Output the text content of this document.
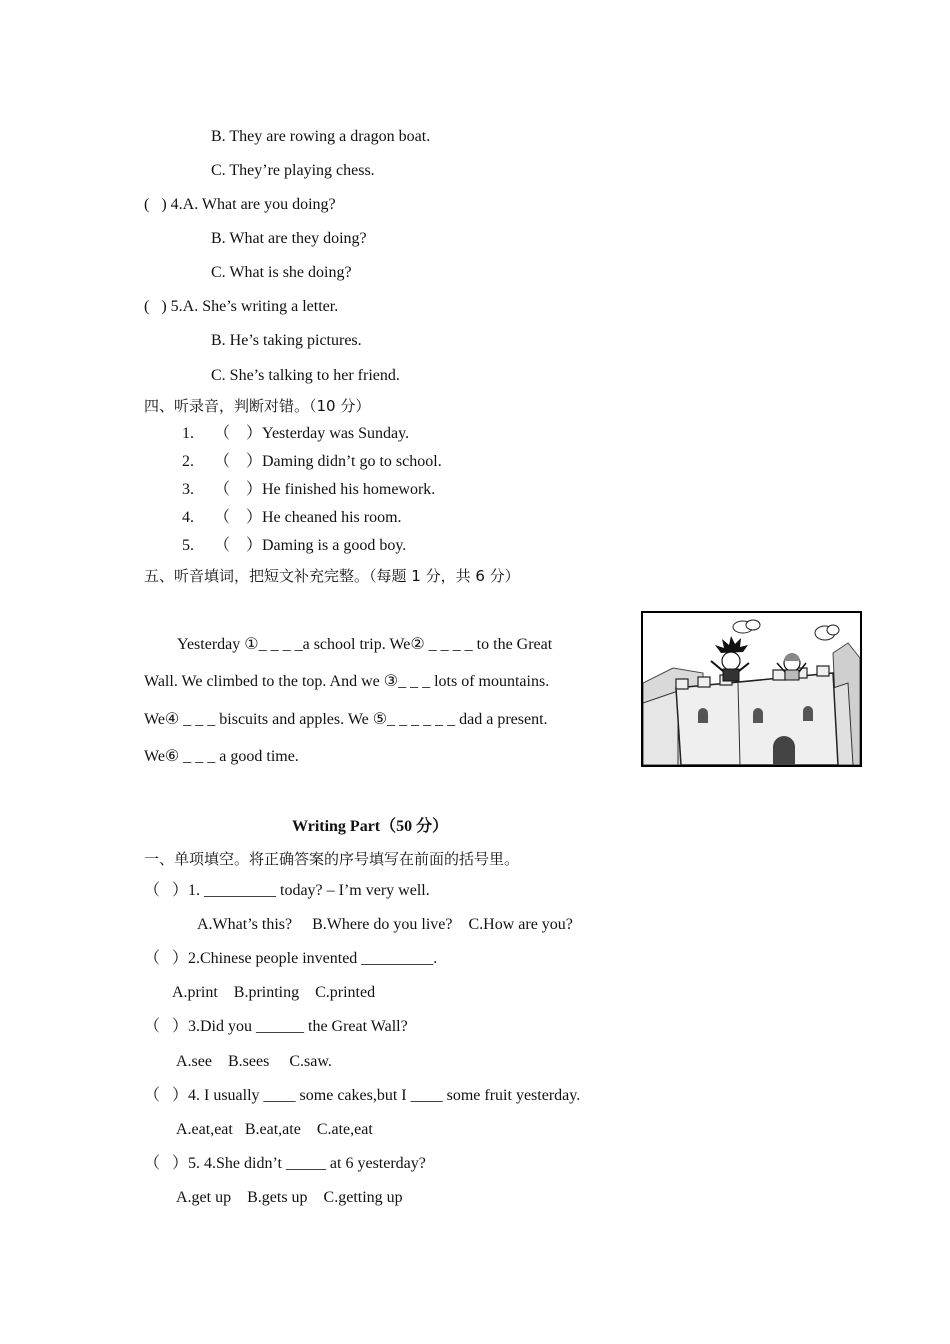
B. They are rowing a dragon boat.
C. They’re playing chess.
(   ) 4.A. What are you doing?
B. What are they doing?
C. What is she doing?
(   ) 5.A. She’s writing a letter.
B. He’s taking pictures.
C. She’s talking to her friend.
四、听录音，判断对错。（10 分）
1. （    ）Yesterday was Sunday.
2. （    ）Daming didn’t go to school.
3. （    ）He finished his homework.
4. （    ）He cheaned his room.
5. （    ）Daming is a good boy.
五、听音填词，把短文补充完整。（每题 1 分，共 6 分）
Yesterday ①_ _ _ _a school trip. We② _ _ _ _ to the Great
Wall. We climbed to the top. And we ③_ _ _ lots of mountains.
We④ _ _ _ biscuits and apples. We ⑤_ _ _ _ _ _ dad a present.
We⑥ _ _ _ a good time.
Writing Part（50 分）
一、单项填空。将正确答案的序号填写在前面的括号里。
（   ）1. _________ today? – I’m very well.
A.What’s this?     B.Where do you live?    C.How are you?
（   ）2.Chinese people invented _________.
A.print    B.printing    C.printed
（   ）3.Did you ______ the Great Wall?
A.see    B.sees     C.saw.
（   ）4. I usually ____ some cakes,but I ____ some fruit yesterday.
A.eat,eat   B.eat,ate    C.ate,eat
（   ）5. 4.She didn’t _____ at 6 yesterday?
A.get up    B.gets up    C.getting up
